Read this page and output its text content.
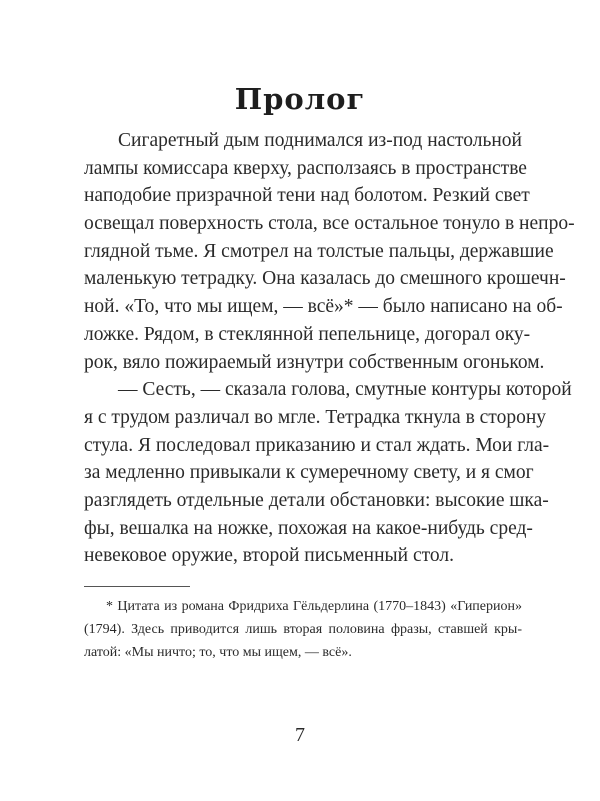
Пролог
Сигаретный дым поднимался из-под настольной
лампы комиссара кверху, расползаясь в пространстве
наподобие призрачной тени над болотом. Резкий свет
освещал поверхность стола, все остальное тонуло в непро-
глядной тьме. Я смотрел на толстые пальцы, державшие
маленькую тетрадку. Она казалась до смешного крошечн-
ной. «То, что мы ищем, — всё»* — было написано на об-
ложке. Рядом, в стеклянной пепельнице, догорал оку-
рок, вяло пожираемый изнутри собственным огоньком.
— Сесть, — сказала голова, смутные контуры которой
я с трудом различал во мгле. Тетрадка ткнула в сторону
стула. Я последовал приказанию и стал ждать. Мои гла-
за медленно привыкали к сумеречному свету, и я смог
разглядеть отдельные детали обстановки: высокие шка-
фы, вешалка на ножке, похожая на какое-нибудь сред-
невековое оружие, второй письменный стол.
* Цитата из романа Фридриха Гёльдерлина (1770–1843) «Гиперион»
(1794). Здесь приводится лишь вторая половина фразы, ставшей кры-
латой: «Мы ничто; то, что мы ищем, — всё».
7
